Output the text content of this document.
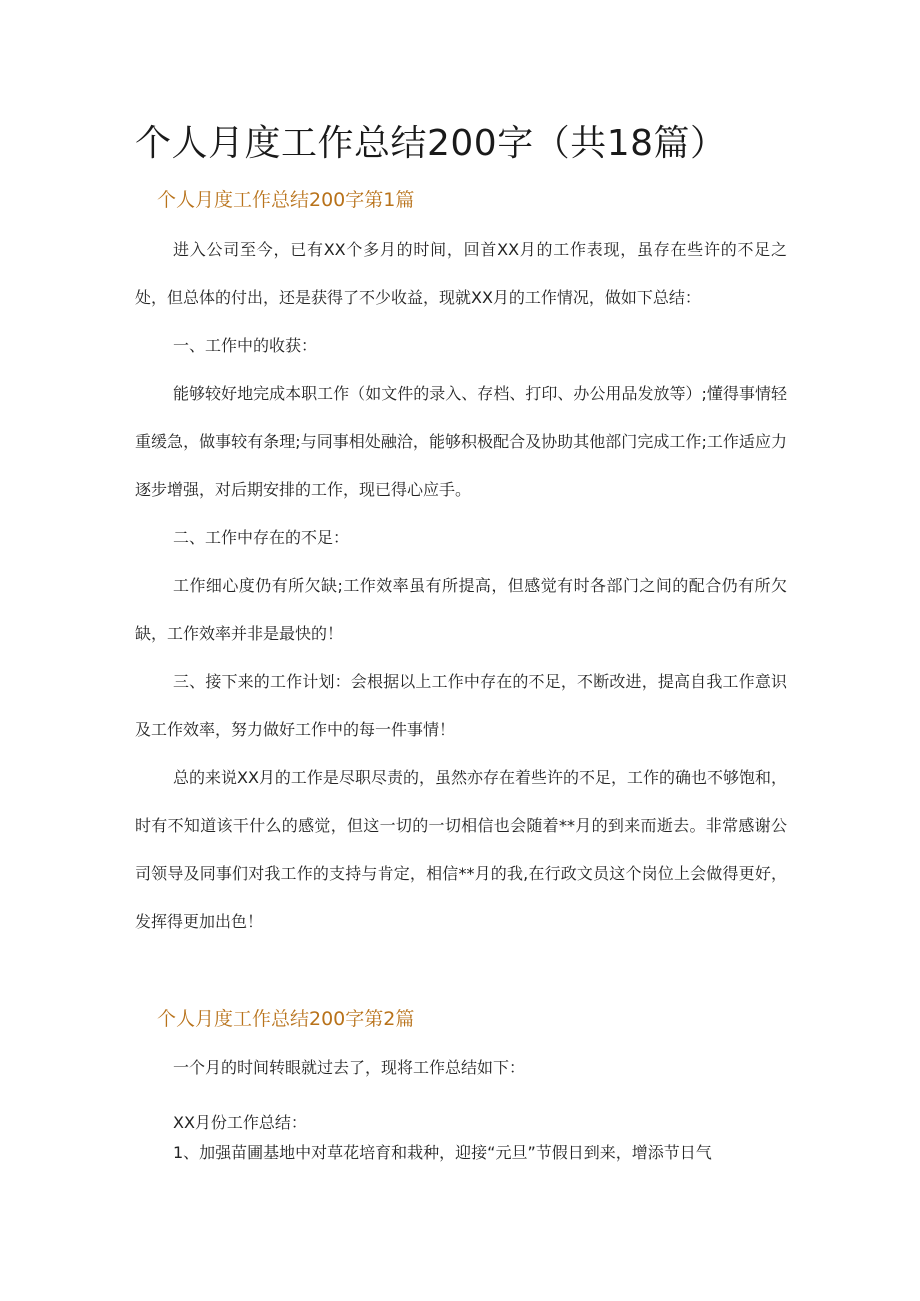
个人月度工作总结200字（共18篇）
个人月度工作总结200字第1篇

进入公司至今，已有XX个多月的时间，回首XX月的工作表现，虽存在些许的不足之处，但总体的付出，还是获得了不少收益，现就XX月的工作情况，做如下总结：

一、工作中的收获：

能够较好地完成本职工作（如文件的录入、存档、打印、办公用品发放等）;懂得事情轻重缓急，做事较有条理;与同事相处融洽，能够积极配合及协助其他部门完成工作;工作适应力逐步增强，对后期安排的工作，现已得心应手。

二、工作中存在的不足：

工作细心度仍有所欠缺;工作效率虽有所提高，但感觉有时各部门之间的配合仍有所欠缺，工作效率并非是最快的！

三、接下来的工作计划：会根据以上工作中存在的不足，不断改进，提高自我工作意识及工作效率，努力做好工作中的每一件事情！

总的来说XX月的工作是尽职尽责的，虽然亦存在着些许的不足，工作的确也不够饱和，时有不知道该干什么的感觉，但这一切的一切相信也会随着**月的到来而逝去。非常感谢公司领导及同事们对我工作的支持与肯定，相信**月的我,在行政文员这个岗位上会做得更好，发挥得更加出色！

个人月度工作总结200字第2篇

一个月的时间转眼就过去了，现将工作总结如下：

XX月份工作总结：
1、加强苗圃基地中对草花培育和栽种，迎接“元旦”节假日到来，增添节日气
